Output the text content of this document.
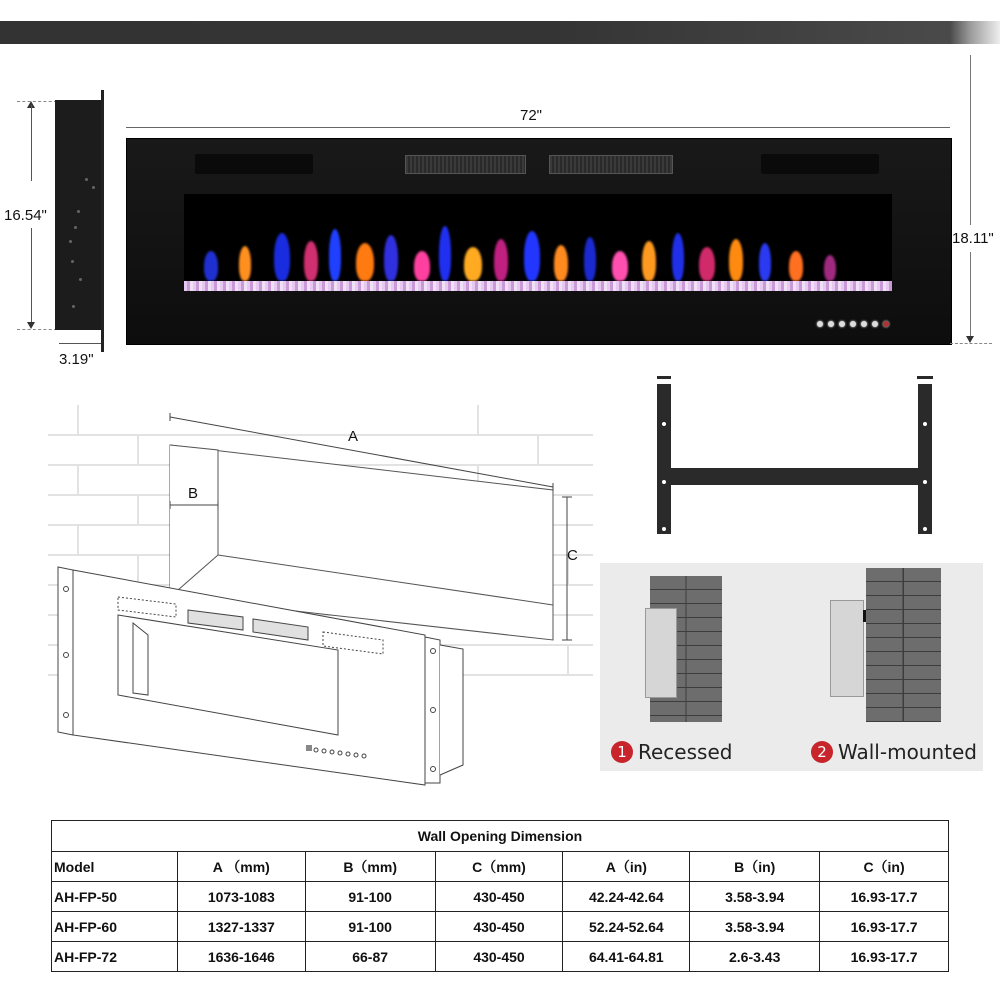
16.54"
3.19"
72"
18.11"
A
B
C
1 Recessed	2 Wall-mounted
Wall Opening Dimension						
Model	A （mm)	B（mm)	C（mm)	A（in)	B（in)	C（in)
AH-FP-50	1073-1083	91-100	430-450	42.24-42.64	3.58-3.94	16.93-17.7
AH-FP-60	1327-1337	91-100	430-450	52.24-52.64	3.58-3.94	16.93-17.7
AH-FP-72	1636-1646	66-87	430-450	64.41-64.81	2.6-3.43	16.93-17.7
